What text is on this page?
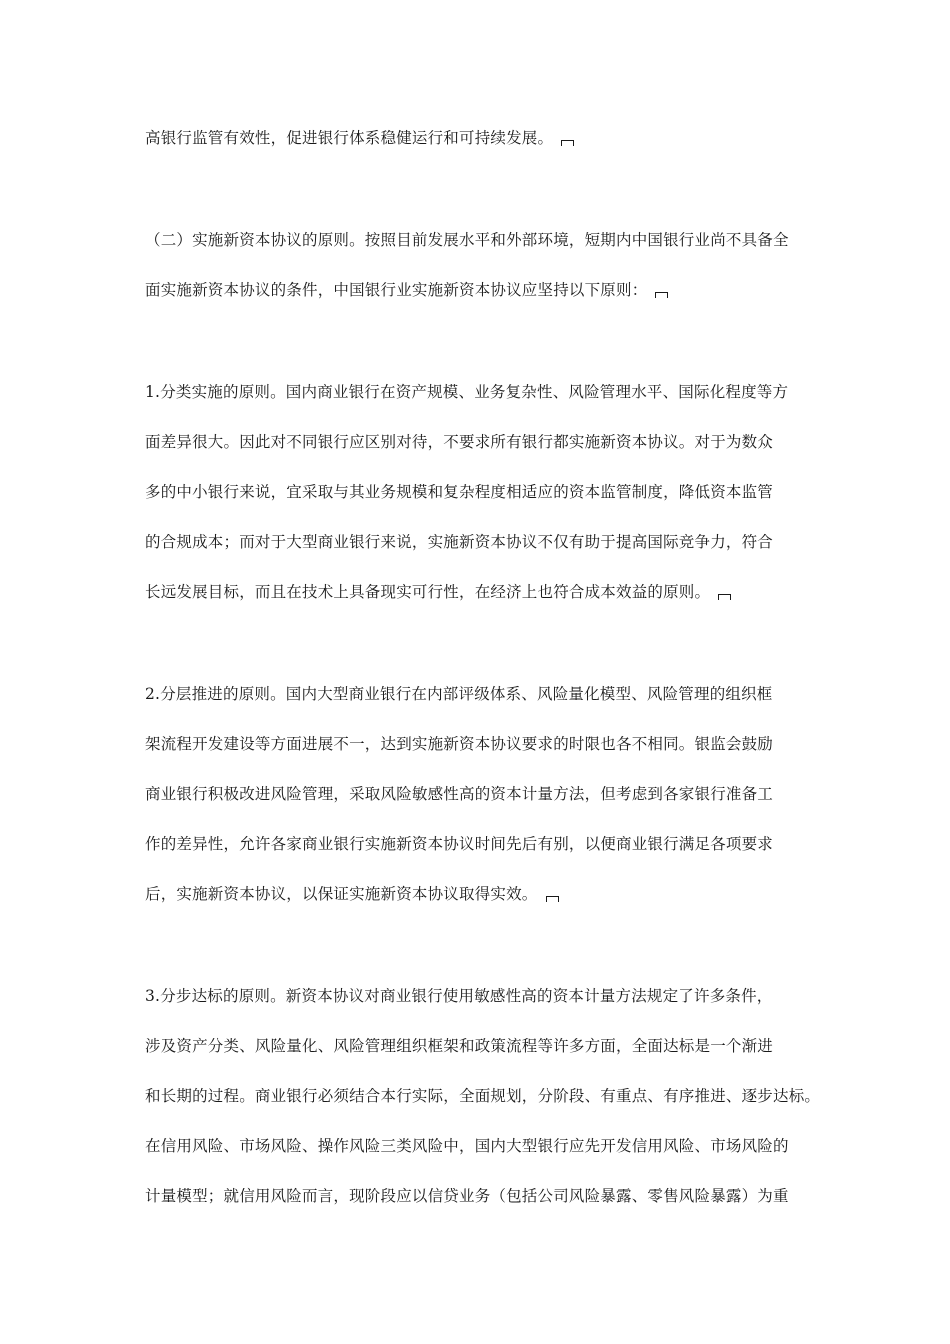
高银行监管有效性，促进银行体系稳健运行和可持续发展。
（二）实施新资本协议的原则。按照目前发展水平和外部环境，短期内中国银行业尚不具备全
面实施新资本协议的条件，中国银行业实施新资本协议应坚持以下原则：
1.分类实施的原则。国内商业银行在资产规模、业务复杂性、风险管理水平、国际化程度等方
面差异很大。因此对不同银行应区别对待，不要求所有银行都实施新资本协议。对于为数众
多的中小银行来说，宜采取与其业务规模和复杂程度相适应的资本监管制度，降低资本监管
的合规成本；而对于大型商业银行来说，实施新资本协议不仅有助于提高国际竞争力，符合
长远发展目标，而且在技术上具备现实可行性，在经济上也符合成本效益的原则。
2.分层推进的原则。国内大型商业银行在内部评级体系、风险量化模型、风险管理的组织框
架流程开发建设等方面进展不一，达到实施新资本协议要求的时限也各不相同。银监会鼓励
商业银行积极改进风险管理，采取风险敏感性高的资本计量方法，但考虑到各家银行准备工
作的差异性，允许各家商业银行实施新资本协议时间先后有别，以便商业银行满足各项要求
后，实施新资本协议，以保证实施新资本协议取得实效。
3.分步达标的原则。新资本协议对商业银行使用敏感性高的资本计量方法规定了许多条件，
涉及资产分类、风险量化、风险管理组织框架和政策流程等许多方面，全面达标是一个渐进
和长期的过程。商业银行必须结合本行实际，全面规划，分阶段、有重点、有序推进、逐步达标。
在信用风险、市场风险、操作风险三类风险中，国内大型银行应先开发信用风险、市场风险的
计量模型；就信用风险而言，现阶段应以信贷业务（包括公司风险暴露、零售风险暴露）为重
